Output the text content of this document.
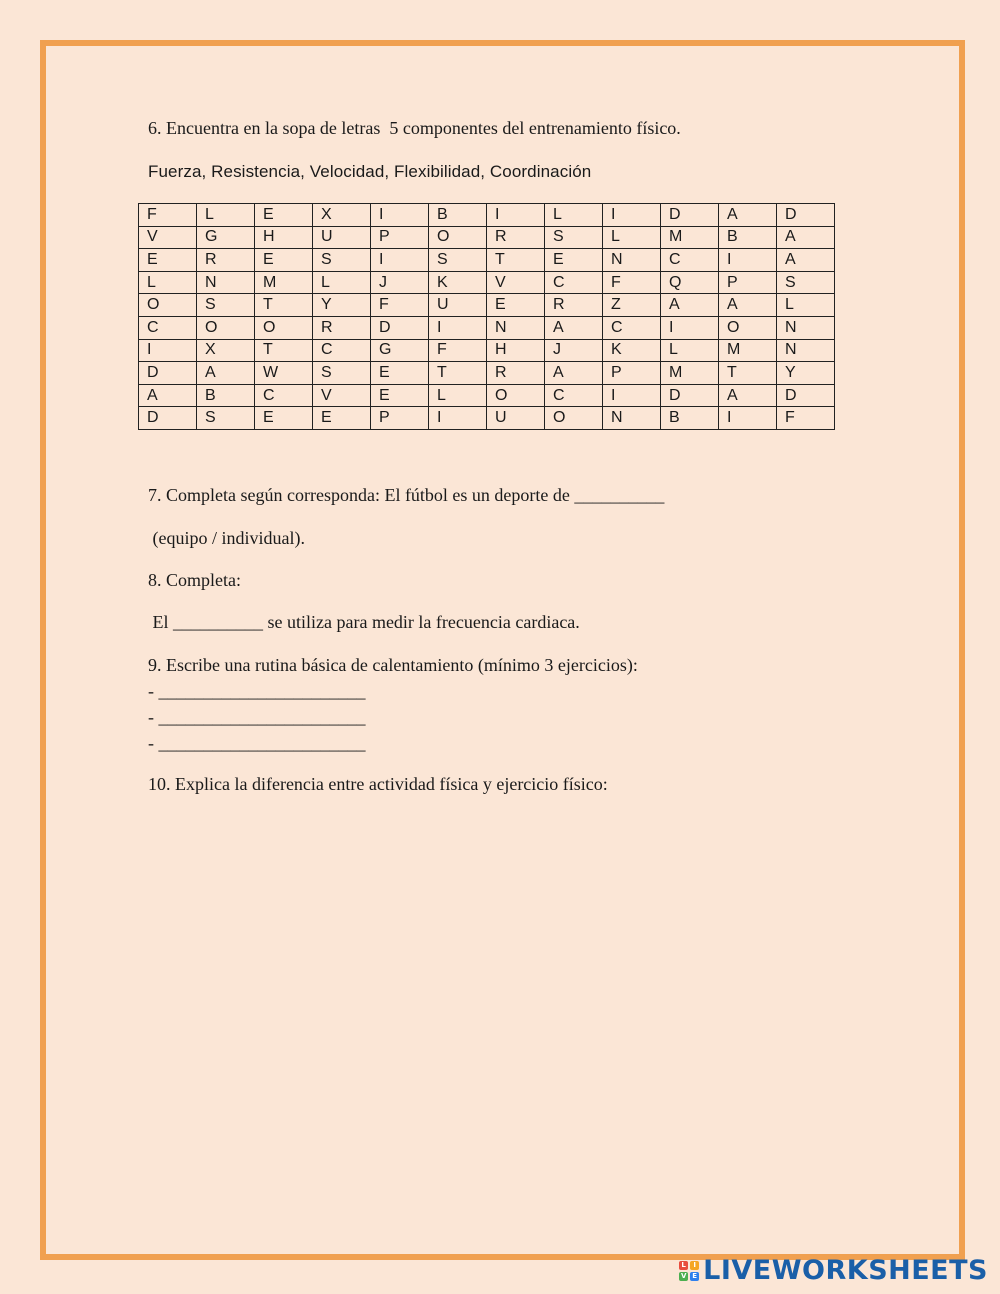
6. Encuentra en la sopa de letras  5 componentes del entrenamiento físico.
Fuerza, Resistencia, Velocidad, Flexibilidad, Coordinación
F	L	E	X	I	B	I	L	I	D	A	D
V	G	H	U	P	O	R	S	L	M	B	A
E	R	E	S	I	S	T	E	N	C	I	A
L	N	M	L	J	K	V	C	F	Q	P	S
O	S	T	Y	F	U	E	R	Z	A	A	L
C	O	O	R	D	I	N	A	C	I	O	N
I	X	T	C	G	F	H	J	K	L	M	N
D	A	W	S	E	T	R	A	P	M	T	Y
A	B	C	V	E	L	O	C	I	D	A	D
D	S	E	E	P	I	U	O	N	B	I	F
7. Completa según corresponda: El fútbol es un deporte de __________
(equipo / individual).
8. Completa:
El __________ se utiliza para medir la frecuencia cardiaca.
9. Escribe una rutina básica de calentamiento (mínimo 3 ejercicios):
- _______________________
- _______________________
- _______________________
10. Explica la diferencia entre actividad física y ejercicio físico:
L	I
V E LIVEWORKSHEETS
